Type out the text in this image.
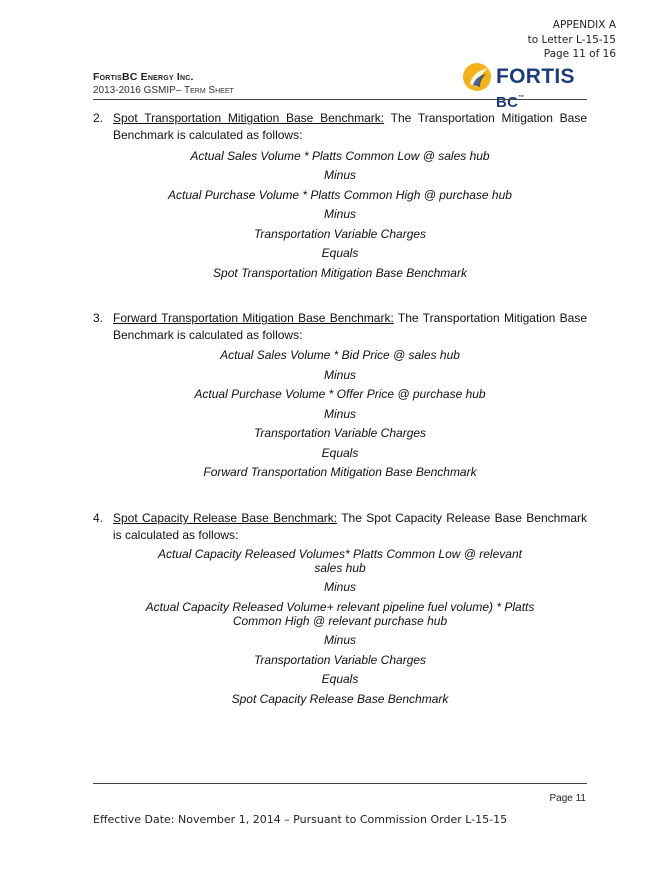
APPENDIX A
to Letter L-15-15
Page 11 of 16
FORTIS BC™
FortisBC Energy Inc.
2013-2016 GSMIP– Term Sheet
2. Spot Transportation Mitigation Base Benchmark: The Transportation Mitigation Base Benchmark is calculated as follows:
Actual Sales Volume * Platts Common Low @ sales hub
Minus
Actual Purchase Volume * Platts Common High @ purchase hub
Minus
Transportation Variable Charges
Equals
Spot Transportation Mitigation Base Benchmark
3. Forward Transportation Mitigation Base Benchmark: The Transportation Mitigation Base Benchmark is calculated as follows:
Actual Sales Volume * Bid Price @ sales hub
Minus
Actual Purchase Volume * Offer Price @ purchase hub
Minus
Transportation Variable Charges
Equals
Forward Transportation Mitigation Base Benchmark
4. Spot Capacity Release Base Benchmark: The Spot Capacity Release Base Benchmark is calculated as follows:
Actual Capacity Released Volumes* Platts Common Low @ relevant
sales hub
Minus
Actual Capacity Released Volume+ relevant pipeline fuel volume) * Platts
Common High @ relevant purchase hub
Minus
Transportation Variable Charges
Equals
Spot Capacity Release Base Benchmark
Page 11
Effective Date: November 1, 2014 – Pursuant to Commission Order L-15-15
